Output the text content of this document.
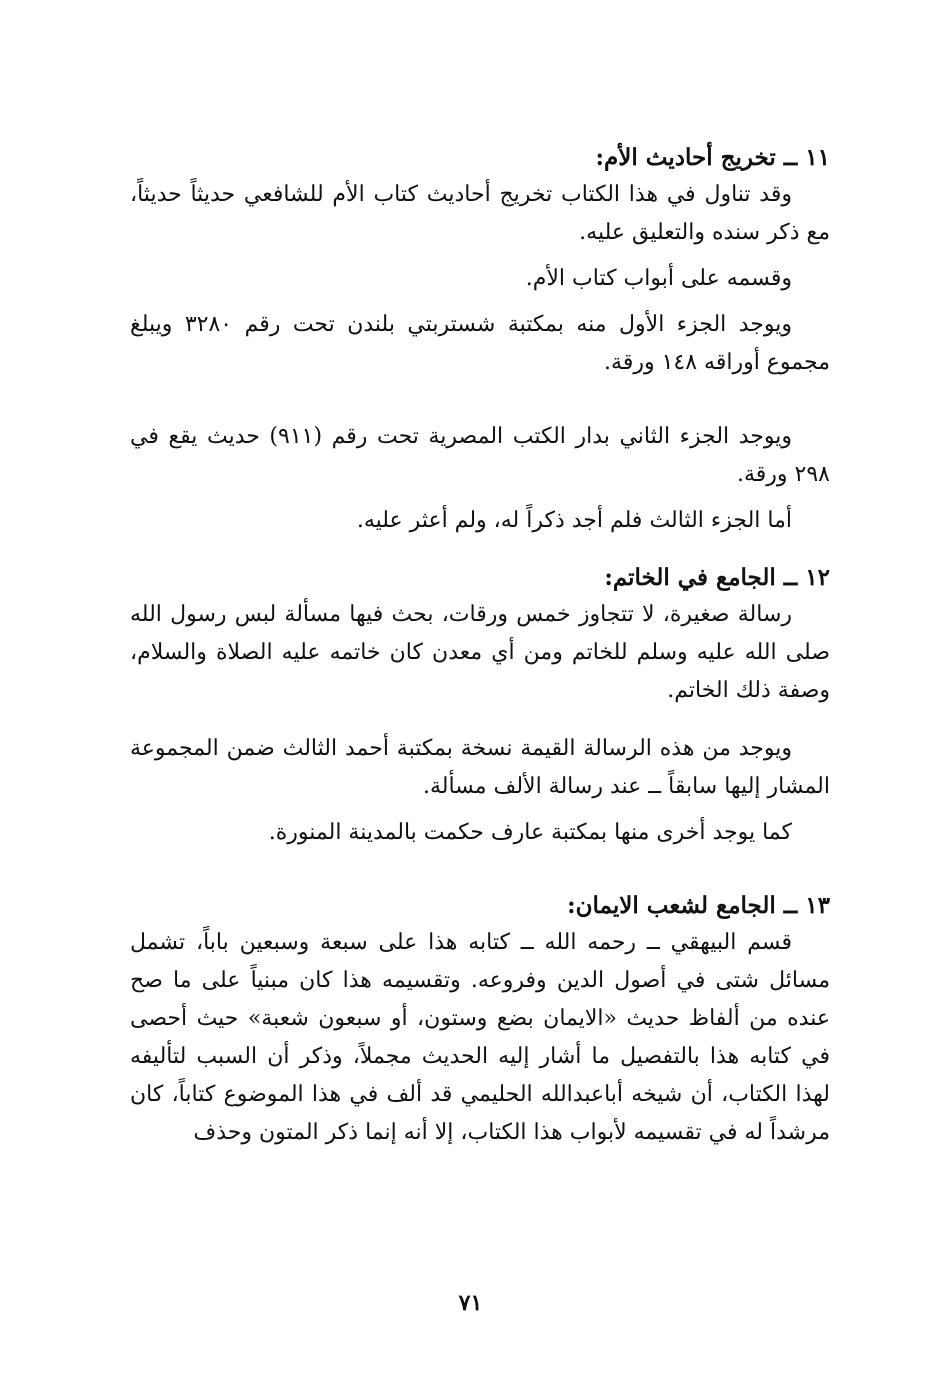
١١ ــ تخريج أحاديث الأم:

وقد تناول في هذا الكتاب تخريج أحاديث كتاب الأم للشافعي حديثاً حديثاً، مع ذكر سنده والتعليق عليه.

وقسمه على أبواب كتاب الأم.

ويوجد الجزء الأول منه بمكتبة شستربتي بلندن تحت رقم ٣٢٨٠ ويبلغ مجموع أوراقه ١٤٨ ورقة.

ويوجد الجزء الثاني بدار الكتب المصرية تحت رقم (٩١١) حديث يقع في ٢٩٨ ورقة.

أما الجزء الثالث فلم أجد ذكراً له، ولم أعثر عليه.

١٢ ــ الجامع في الخاتم:

رسالة صغيرة، لا تتجاوز خمس ورقات، بحث فيها مسألة لبس رسول الله صلى الله عليه وسلم للخاتم ومن أي معدن كان خاتمه عليه الصلاة والسلام، وصفة ذلك الخاتم.

ويوجد من هذه الرسالة القيمة نسخة بمكتبة أحمد الثالث ضمن المجموعة المشار إليها سابقاً ــ عند رسالة الألف مسألة.

كما يوجد أخرى منها بمكتبة عارف حكمت بالمدينة المنورة.

١٣ ــ الجامع لشعب الايمان:

قسم البيهقي ــ رحمه الله ــ كتابه هذا على سبعة وسبعين باباً، تشمل مسائل شتى في أصول الدين وفروعه. وتقسيمه هذا كان مبنياً على ما صح عنده من ألفاظ حديث «الايمان بضع وستون، أو سبعون شعبة» حيث أحصى في كتابه هذا بالتفصيل ما أشار إليه الحديث مجملاً، وذكر أن السبب لتأليفه لهذا الكتاب، أن شيخه أباعبدالله الحليمي قد ألف في هذا الموضوع كتاباً، كان مرشداً له في تقسيمه لأبواب هذا الكتاب، إلا أنه إنما ذكر المتون وحذف

٧١
